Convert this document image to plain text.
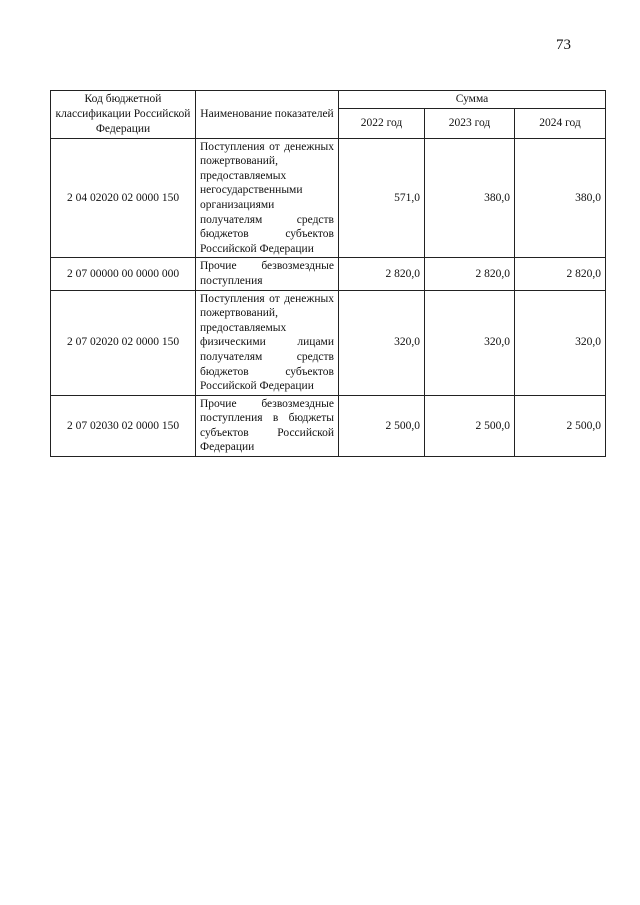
73
Код бюджетной классификации Российской Федерации	Наименование показателей	Сумма		
		2022 год	2023 год	2024 год
2 04 02020 02 0000 150	Поступления от денежных пожертвований, предоставляемых негосударственными организациями получателям средств бюджетов субъектов Российской Федерации	571,0	380,0	380,0
2 07 00000 00 0000 000	Прочие безвозмездные поступления	2 820,0	2 820,0	2 820,0
2 07 02020 02 0000 150	Поступления от денежных пожертвований, предоставляемых физическими лицами получателям средств бюджетов субъектов Российской Федерации	320,0	320,0	320,0
2 07 02030 02 0000 150	Прочие безвозмездные поступления в бюджеты субъектов Российской Федерации	2 500,0	2 500,0	2 500,0
